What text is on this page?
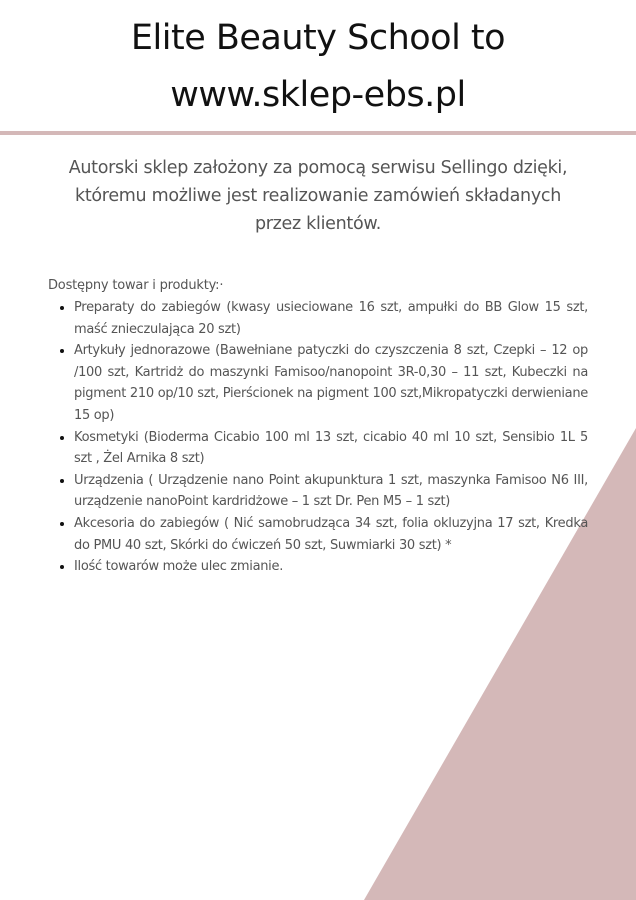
Elite Beauty School to
www.sklep-ebs.pl

Autorski sklep założony za pomocą serwisu Sellingo dzięki, któremu możliwe jest realizowanie zamówień składanych przez klientów.

Dostępny towar i produkty:·

• Preparaty do zabiegów (kwasy usieciowane 16 szt, ampułki do BB Glow 15 szt, maść znieczulająca 20 szt)
• Artykuły jednorazowe (Bawełniane patyczki do czyszczenia 8 szt, Czepki – 12 op /100 szt, Kartridż do maszynki Famisoo/nanopoint 3R-0,30 – 11 szt, Kubeczki na pigment 210 op/10 szt, Pierścionek na pigment 100 szt,Mikropatyczki derwieniane 15 op)
• Kosmetyki (Bioderma Cicabio 100 ml 13 szt, cicabio 40 ml 10 szt, Sensibio 1L 5 szt , Żel Arnika 8 szt)
• Urządzenia ( Urządzenie nano Point akupunktura 1 szt, maszynka Famisoo N6 III, urządzenie nanoPoint kardridżowe – 1 szt Dr. Pen M5 – 1 szt)
• Akcesoria do zabiegów ( Nić samobrudząca 34 szt, folia okluzyjna 17 szt, Kredka do PMU 40 szt, Skórki do ćwiczeń 50 szt, Suwmiarki 30 szt) *
• Ilość towarów może ulec zmianie.
